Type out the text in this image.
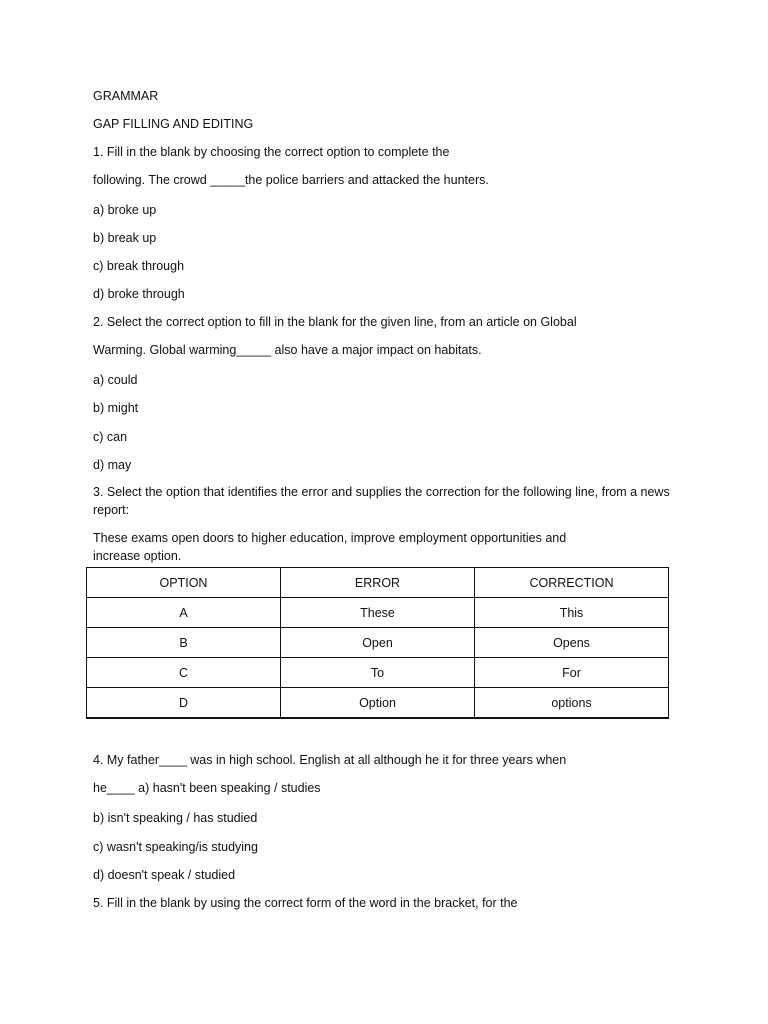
GRAMMAR
GAP FILLING AND EDITING
1. Fill in the blank by choosing the correct option to complete the
following. The crowd _____the police barriers and attacked the hunters.
a) broke up
b) break up
c) break through
d) broke through
2. Select the correct option to fill in the blank for the given line, from an article on Global
Warming. Global warming_____ also have a major impact on habitats.
a) could
b) might
c) can
d) may
3. Select the option that identifies the error and supplies the correction for the following line, from a news report:
These exams open doors to higher education, improve employment opportunities and increase option.
OPTION	ERROR	CORRECTION
A	These	This
B	Open	Opens
C	To	For
D	Option	options
4. My father____ was in high school. English at all although he it for three years when
he____ a) hasn't been speaking / studies
b) isn't speaking / has studied
c) wasn't speaking/is studying
d) doesn't speak / studied
5. Fill in the blank by using the correct form of the word in the bracket, for the
